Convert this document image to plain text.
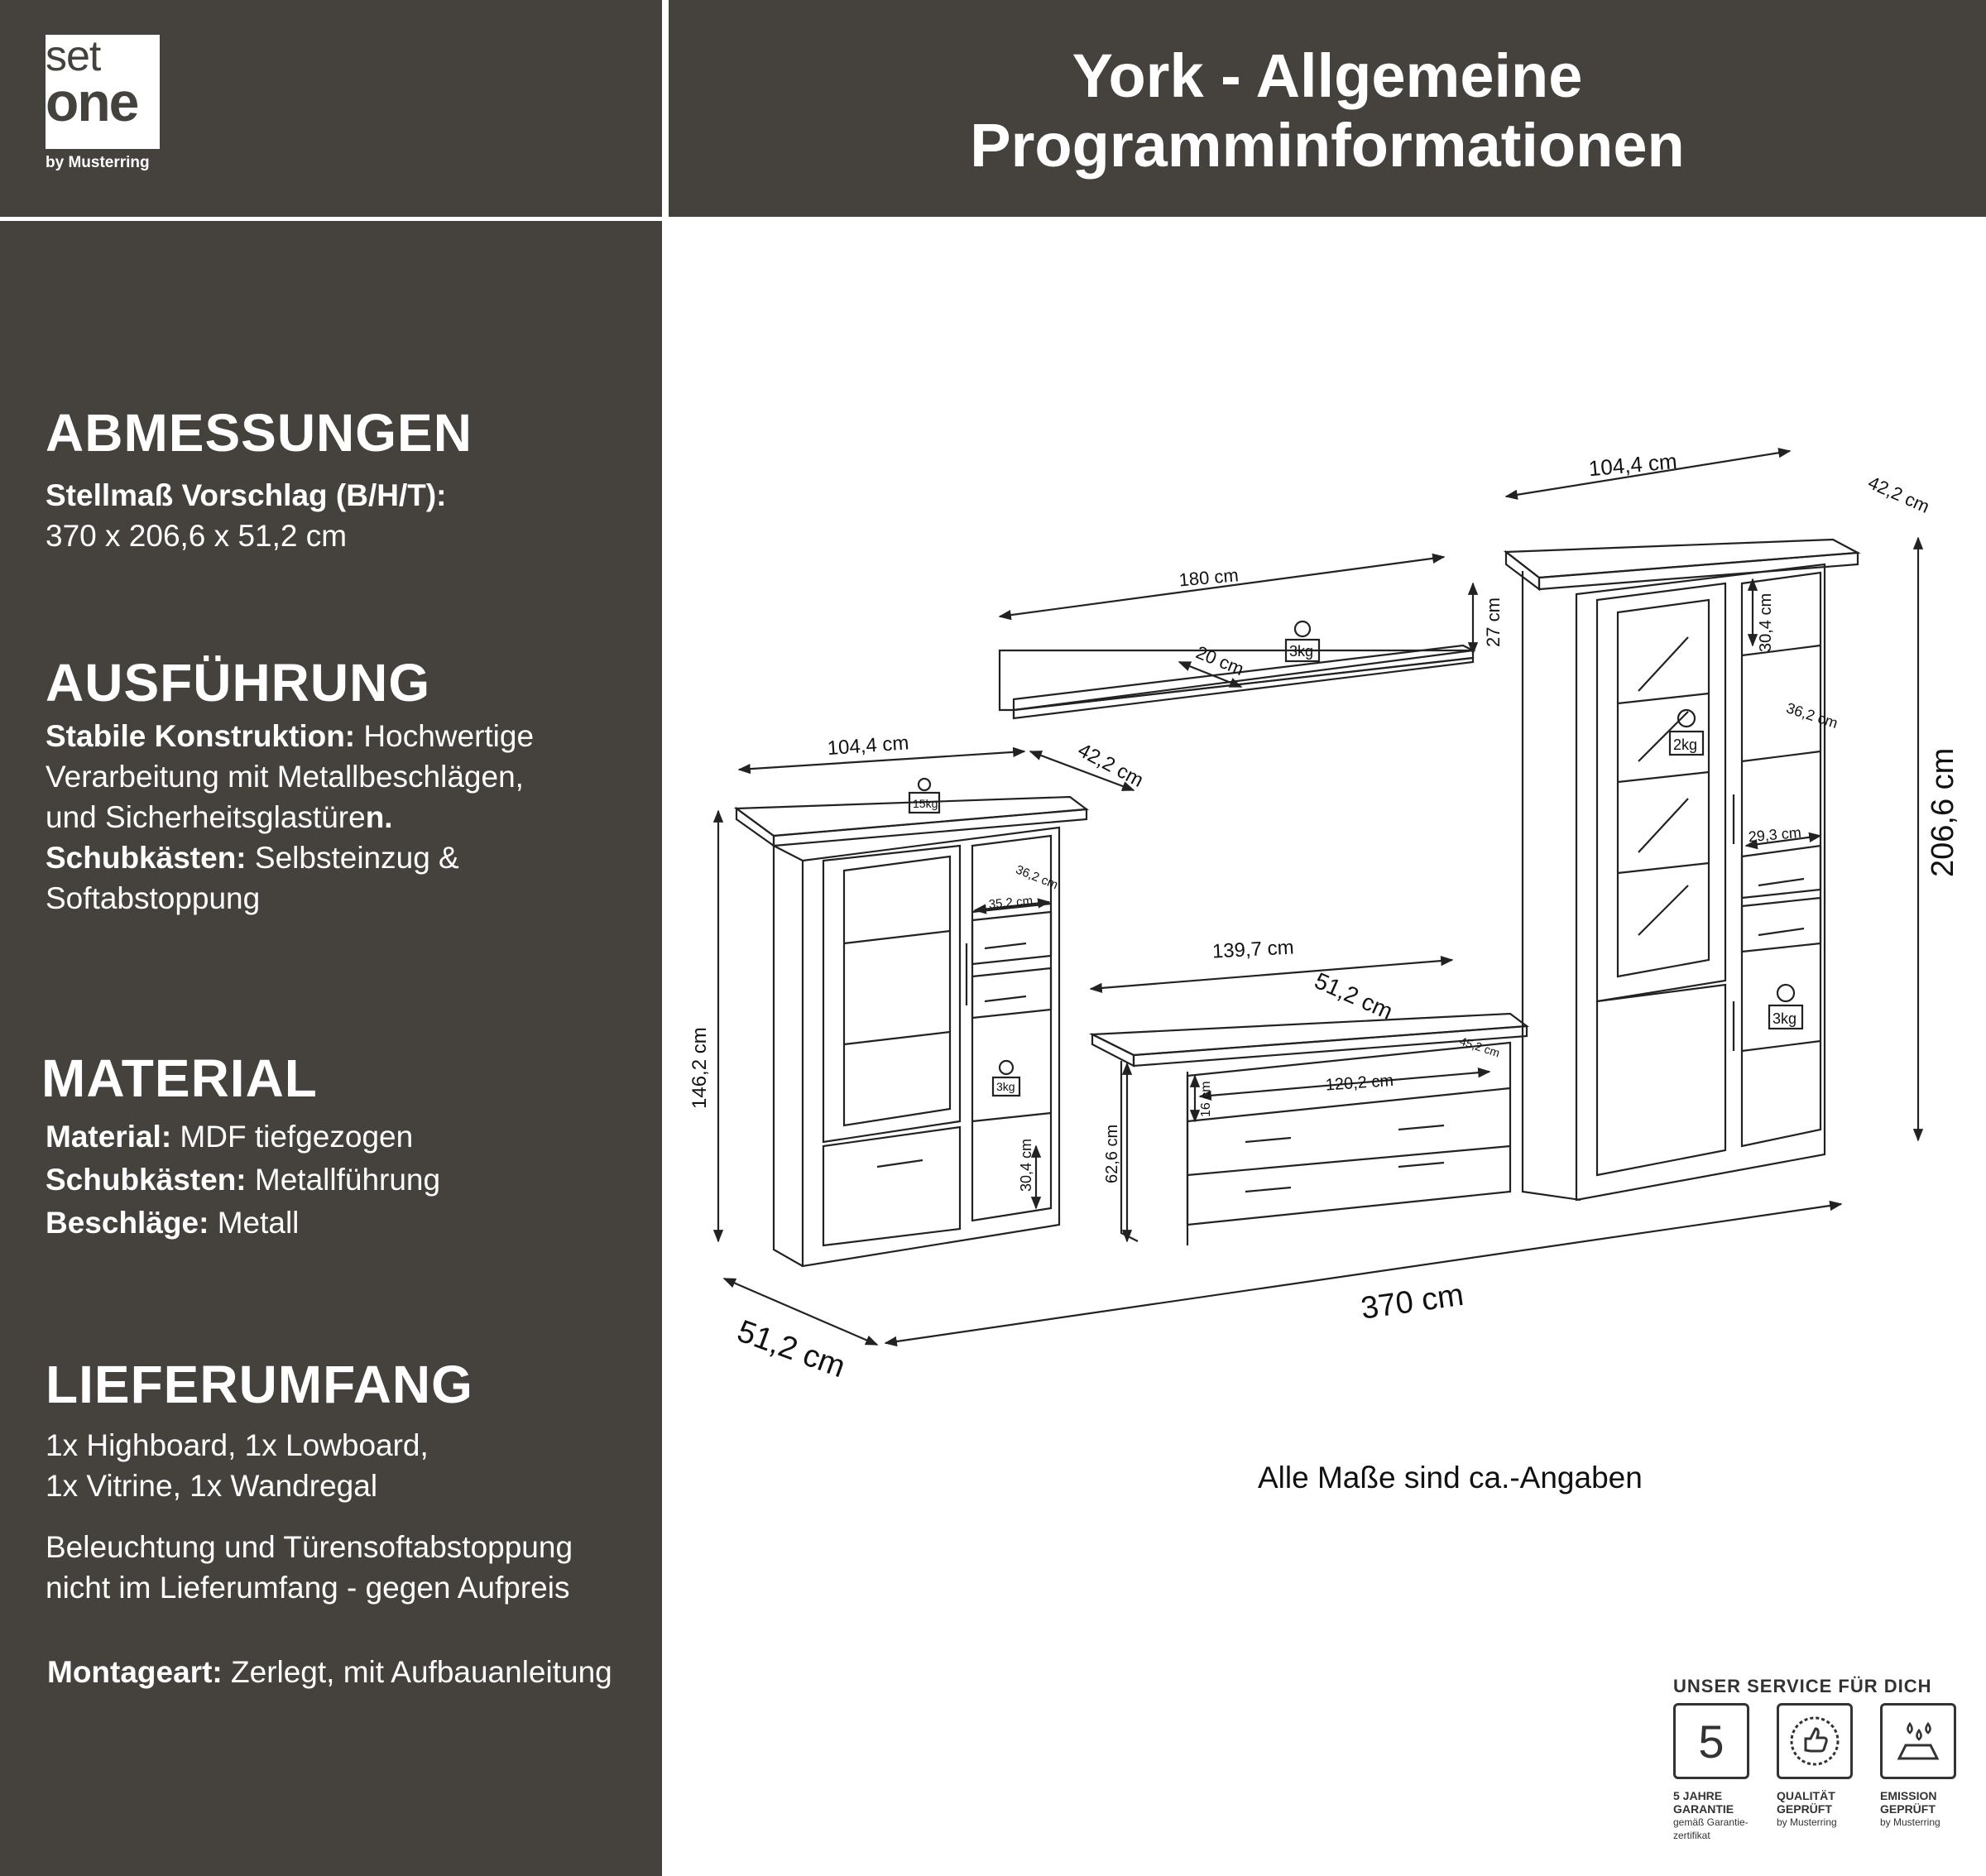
set
one
by Musterring
York - Allgemeine
Programminformationen
ABMESSUNGEN
Stellmaß Vorschlag (B/H/T):
370 x 206,6 x 51,2 cm
AUSFÜHRUNG
Stabile Konstruktion: Hochwertige
Verarbeitung mit Metallbeschlägen,
und Sicherheitsglastüren.
Schubkästen: Selbsteinzug &
Softabstoppung
MATERIAL
Material: MDF tiefgezogen
Schubkästen: Metallführung
Beschläge: Metall
LIEFERUMFANG
1x Highboard, 1x Lowboard,
1x Vitrine, 1x Wandregal
Beleuchtung und Türensoftabstoppung
nicht im Lieferumfang - gegen Aufpreis
Montageart: Zerlegt, mit Aufbauanleitung
370 cm
51,2 cm
206,6 cm
146,2 cm
104,4 cm	42,2 cm
36,2 cm
35,2 cm
30,4 cm
15kg
3kg
180 cm
27 cm
20 cm	3kg
139,7 cm
51,2 cm
45,2 cm
120,2 cm
62,6 cm
16 cm
104,4 cm
42,2 cm
30,4 cm
36,2 cm
29,3 cm
2kg
3kg
Alle Maße sind ca.-Angaben
UNSER SERVICE FÜR DICH
5
5 JAHRE
GARANTIE
gemäß Garantie-zertifikat
QUALITÄT
GEPRÜFT
by Musterring
EMISSION
GEPRÜFT
by Musterring
